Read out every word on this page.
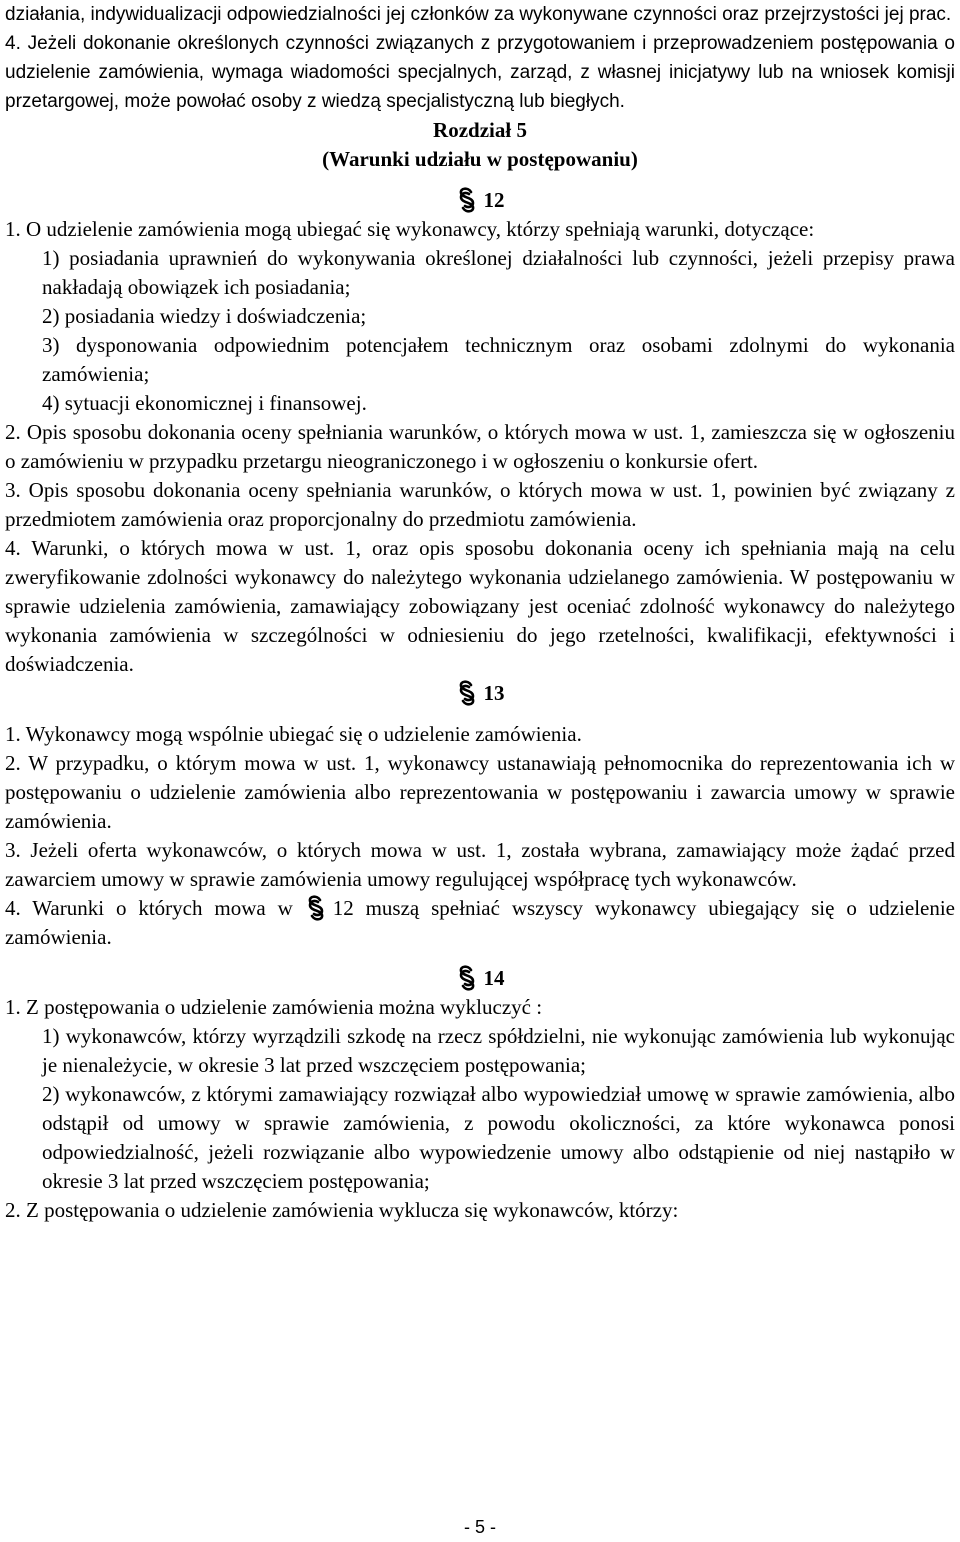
działania, indywidualizacji odpowiedzialności jej członków za wykonywane czynności oraz przejrzystości jej prac.

4. Jeżeli dokonanie określonych czynności związanych z przygotowaniem i przeprowadzeniem postępowania o udzielenie zamówienia, wymaga wiadomości specjalnych, zarząd, z własnej inicjatywy lub na wniosek komisji przetargowej, może powołać osoby z wiedzą specjalistyczną lub biegłych.

Rozdział 5

(Warunki udziału w postępowaniu)

12

1. O udzielenie zamówienia mogą ubiegać się wykonawcy, którzy spełniają warunki, dotyczące:

1) posiadania uprawnień do wykonywania określonej działalności lub czynności, jeżeli przepisy prawa nakładają obowiązek ich posiadania;

2) posiadania wiedzy i doświadczenia;

3) dysponowania odpowiednim potencjałem technicznym oraz osobami zdolnymi do wykonania zamówienia;

4) sytuacji ekonomicznej i finansowej.

2. Opis sposobu dokonania oceny spełniania warunków, o których mowa w ust. 1, zamieszcza się w ogłoszeniu o zamówieniu w przypadku przetargu nieograniczonego i w ogłoszeniu o konkursie ofert.

3. Opis sposobu dokonania oceny spełniania warunków, o których mowa w ust. 1, powinien być związany z przedmiotem zamówienia oraz proporcjonalny do przedmiotu zamówienia.

4. Warunki, o których mowa w ust. 1, oraz opis sposobu dokonania oceny ich spełniania mają na celu zweryfikowanie zdolności wykonawcy do należytego wykonania udzielanego zamówienia. W postępowaniu w sprawie udzielenia zamówienia, zamawiający zobowiązany jest oceniać zdolność wykonawcy do należytego wykonania zamówienia w szczególności w odniesieniu do jego rzetelności, kwalifikacji, efektywności i doświadczenia.

13

1. Wykonawcy mogą wspólnie ubiegać się o udzielenie zamówienia.

2. W przypadku, o którym mowa w ust. 1, wykonawcy ustanawiają pełnomocnika do reprezentowania ich w postępowaniu o udzielenie zamówienia albo reprezentowania w postępowaniu i zawarcia umowy w sprawie zamówienia.

3. Jeżeli oferta wykonawców, o których mowa w ust. 1, została wybrana, zamawiający może żądać przed zawarciem umowy w sprawie zamówienia umowy regulującej współpracę tych wykonawców.

4. Warunki o których mowa w 12 muszą spełniać wszyscy wykonawcy ubiegający się o udzielenie zamówienia.

14

1. Z postępowania o udzielenie zamówienia można wykluczyć :

1) wykonawców, którzy wyrządzili szkodę na rzecz spółdzielni, nie wykonując zamówienia lub wykonując je nienależycie, w okresie 3 lat przed wszczęciem postępowania;

2) wykonawców, z którymi zamawiający rozwiązał albo wypowiedział umowę w sprawie zamówienia, albo odstąpił od umowy w sprawie zamówienia, z powodu okoliczności, za które wykonawca ponosi odpowiedzialność, jeżeli rozwiązanie albo wypowiedzenie umowy albo odstąpienie od niej nastąpiło w okresie 3 lat przed wszczęciem postępowania;

2. Z postępowania o udzielenie zamówienia wyklucza się wykonawców, którzy:

- 5 -
